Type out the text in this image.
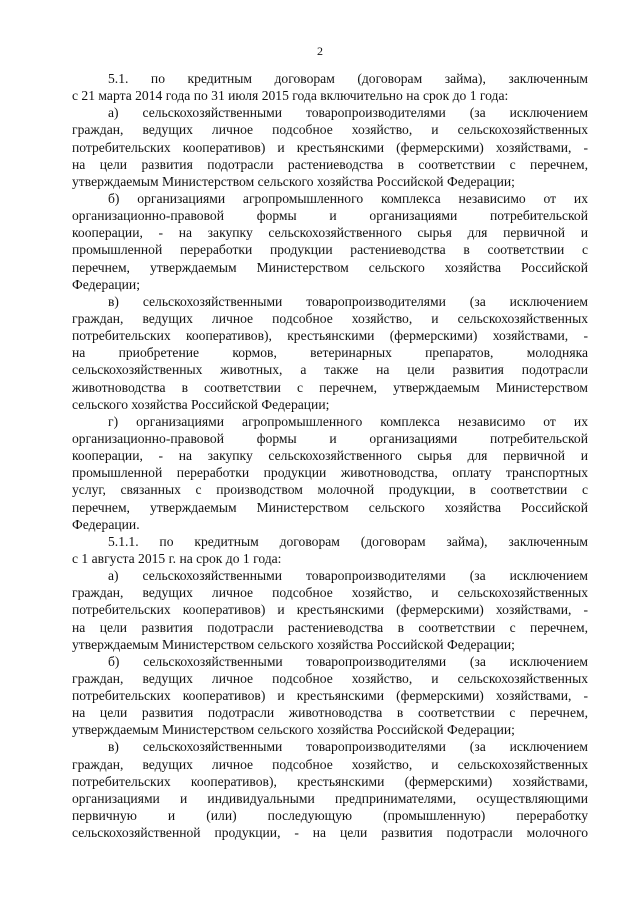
2
5.1. по кредитным договорам (договорам займа), заключенным
с 21 марта 2014 года по 31 июля 2015 года включительно на срок до 1 года:
а) сельскохозяйственными товаропроизводителями (за исключением
граждан, ведущих личное подсобное хозяйство, и сельскохозяйственных
потребительских кооперативов) и крестьянскими (фермерскими) хозяйствами, -
на цели развития подотрасли растениеводства в соответствии с перечнем,
утверждаемым Министерством сельского хозяйства Российской Федерации;
б) организациями агропромышленного комплекса независимо от их
организационно-правовой формы и организациями потребительской
кооперации, - на закупку сельскохозяйственного сырья для первичной и
промышленной переработки продукции растениеводства в соответствии с
перечнем, утверждаемым Министерством сельского хозяйства Российской
Федерации;
в) сельскохозяйственными товаропроизводителями (за исключением
граждан, ведущих личное подсобное хозяйство, и сельскохозяйственных
потребительских кооперативов), крестьянскими (фермерскими) хозяйствами, -
на приобретение кормов, ветеринарных препаратов, молодняка
сельскохозяйственных животных, а также на цели развития подотрасли
животноводства в соответствии с перечнем, утверждаемым Министерством
сельского хозяйства Российской Федерации;
г) организациями агропромышленного комплекса независимо от их
организационно-правовой формы и организациями потребительской
кооперации, - на закупку сельскохозяйственного сырья для первичной и
промышленной переработки продукции животноводства, оплату транспортных
услуг, связанных с производством молочной продукции, в соответствии с
перечнем, утверждаемым Министерством сельского хозяйства Российской
Федерации.
5.1.1. по кредитным договорам (договорам займа), заключенным
с 1 августа 2015 г. на срок до 1 года:
а) сельскохозяйственными товаропроизводителями (за исключением
граждан, ведущих личное подсобное хозяйство, и сельскохозяйственных
потребительских кооперативов) и крестьянскими (фермерскими) хозяйствами, -
на цели развития подотрасли растениеводства в соответствии с перечнем,
утверждаемым Министерством сельского хозяйства Российской Федерации;
б) сельскохозяйственными товаропроизводителями (за исключением
граждан, ведущих личное подсобное хозяйство, и сельскохозяйственных
потребительских кооперативов) и крестьянскими (фермерскими) хозяйствами, -
на цели развития подотрасли животноводства в соответствии с перечнем,
утверждаемым Министерством сельского хозяйства Российской Федерации;
в) сельскохозяйственными товаропроизводителями (за исключением
граждан, ведущих личное подсобное хозяйство, и сельскохозяйственных
потребительских кооперативов), крестьянскими (фермерскими) хозяйствами,
организациями и индивидуальными предпринимателями, осуществляющими
первичную и (или) последующую (промышленную) переработку
сельскохозяйственной продукции, - на цели развития подотрасли молочного
